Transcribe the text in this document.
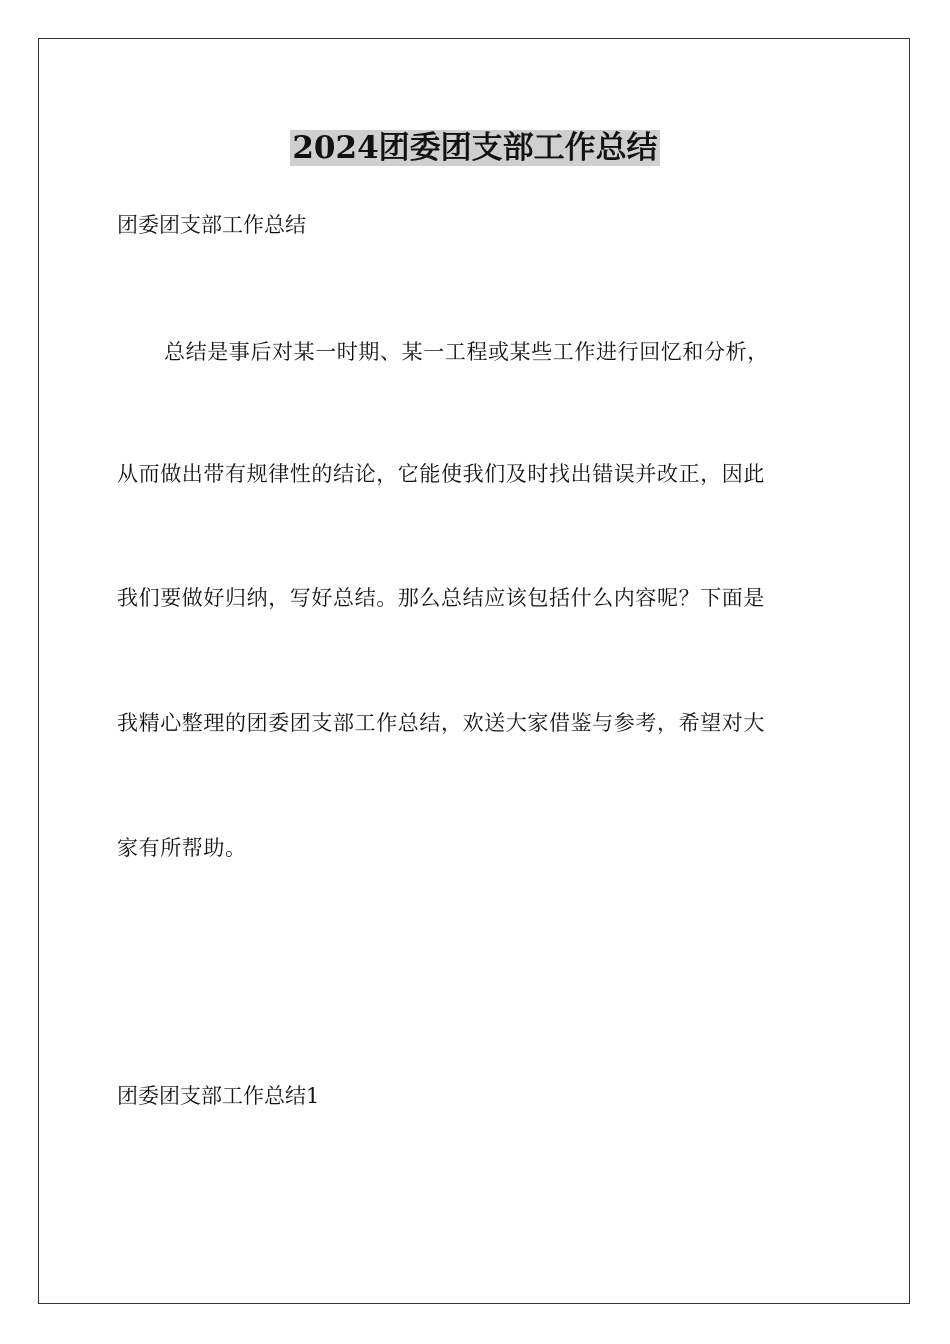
2024团委团支部工作总结
团委团支部工作总结
总结是事后对某一时期、某一工程或某些工作进行回忆和分析，
从而做出带有规律性的结论，它能使我们及时找出错误并改正，因此
我们要做好归纳，写好总结。那么总结应该包括什么内容呢？下面是
我精心整理的团委团支部工作总结，欢送大家借鉴与参考，希望对大
家有所帮助。
团委团支部工作总结1
